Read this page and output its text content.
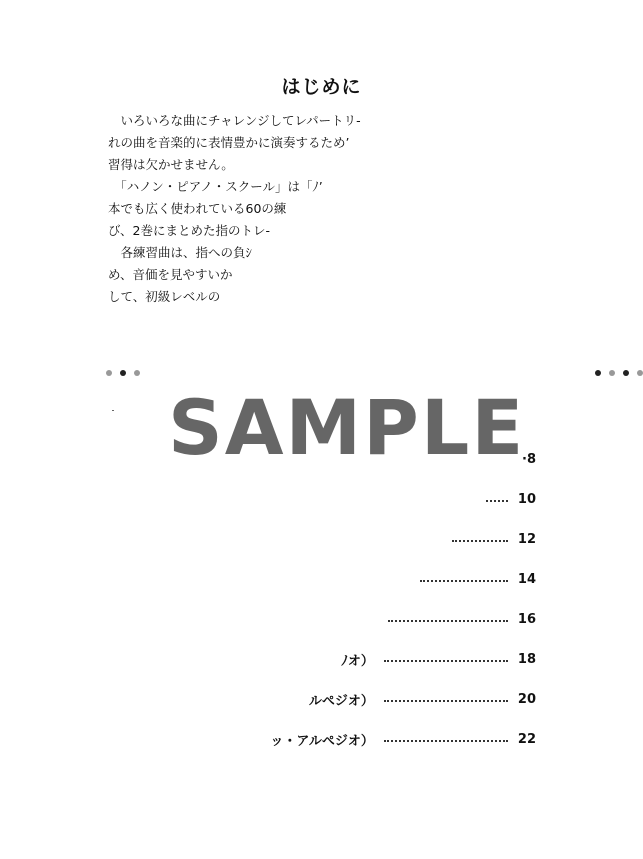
はじめに
　いろいろな曲にチャレンジしてレパートリ-
れの曲を音楽的に表情豊かに演奏するため’
習得は欠かせません。
　「ハノン・ピアノ・スクール」は「ﾉ’
本でも広く使われている60の練
び、2巻にまとめた指のトレ-
　各練習曲は、指への負ｼ
め、音価を見やすいか
して、初級レベルの
SAMPLE
·8
10
12
14
16
ﾉオ）	18
ルペジオ）	20
ッ・アルペジオ）	22
